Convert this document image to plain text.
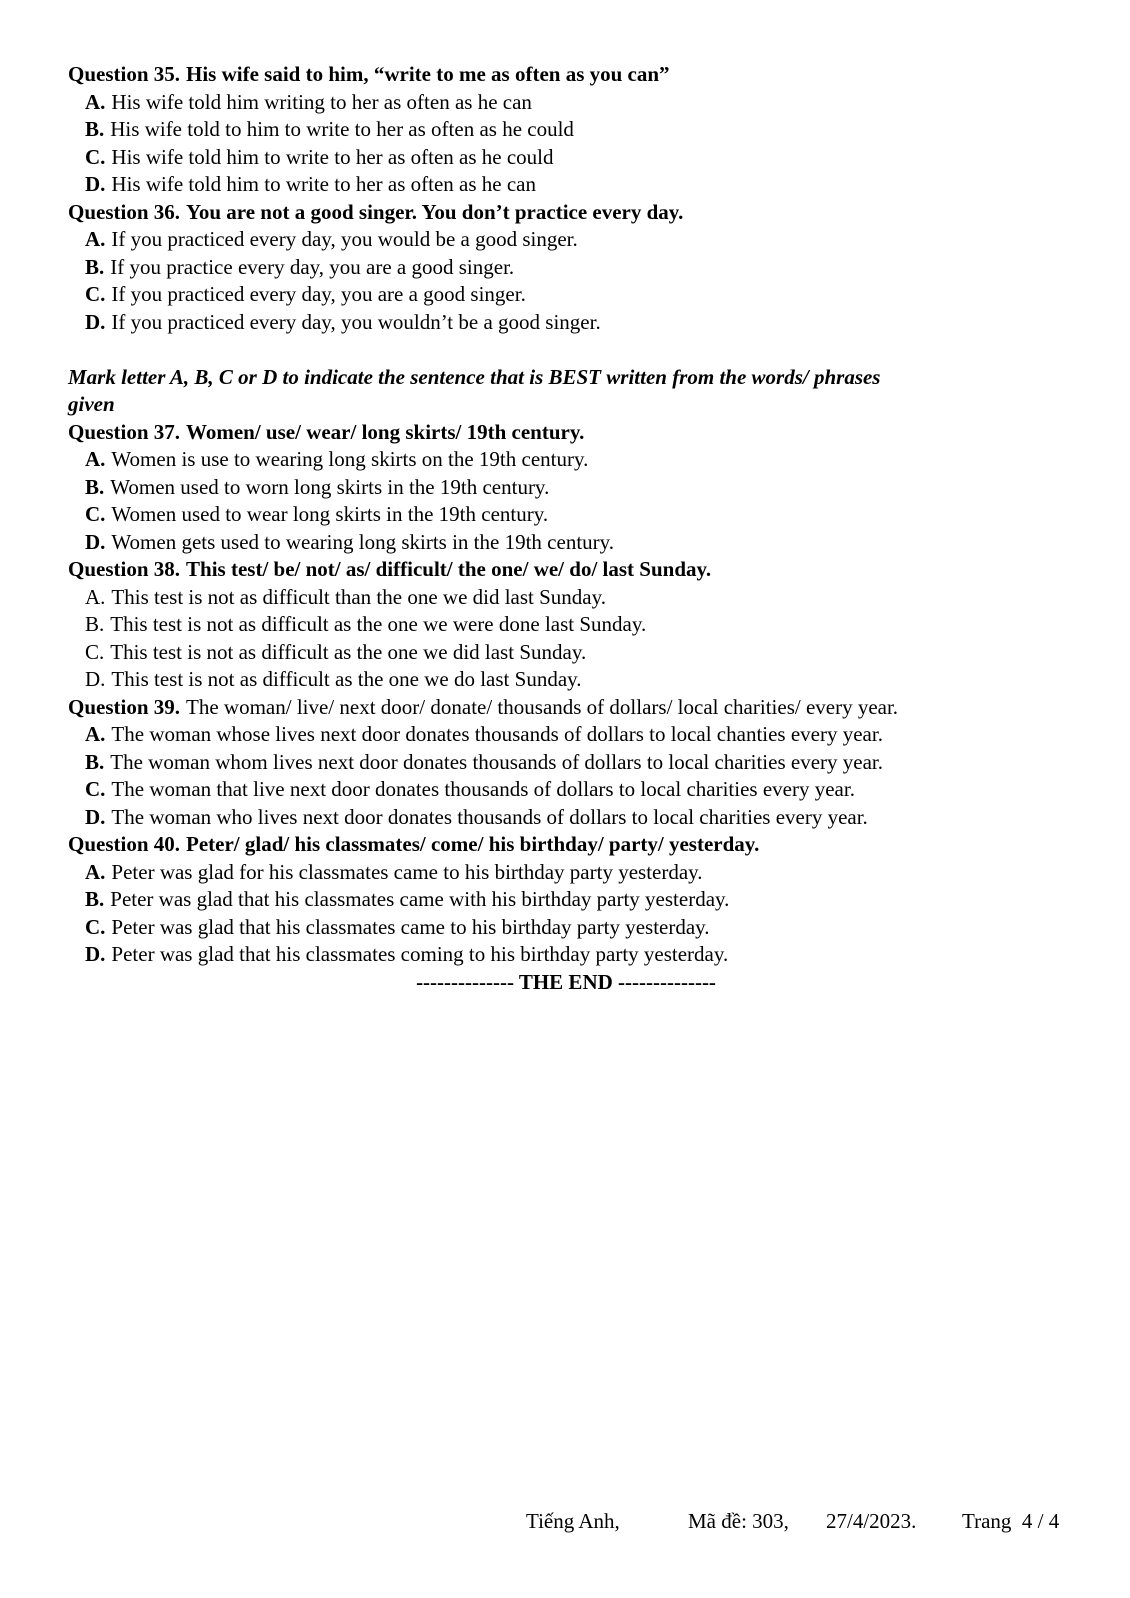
Question 35. His wife said to him, “write to me as often as you can”
A. His wife told him writing to her as often as he can
B. His wife told to him to write to her as often as he could
C. His wife told him to write to her as often as he could
D. His wife told him to write to her as often as he can
Question 36. You are not a good singer. You don’t practice every day.
A. If you practiced every day, you would be a good singer.
B. If you practice every day, you are a good singer.
C. If you practiced every day, you are a good singer.
D. If you practiced every day, you wouldn’t be a good singer.
Mark letter A, B, C or D to indicate the sentence that is BEST written from the words/ phrases
given
Question 37. Women/ use/ wear/ long skirts/ 19th century.
A. Women is use to wearing long skirts on the 19th century.
B. Women used to worn long skirts in the 19th century.
C. Women used to wear long skirts in the 19th century.
D. Women gets used to wearing long skirts in the 19th century.
Question 38. This test/ be/ not/ as/ difficult/ the one/ we/ do/ last Sunday.
A. This test is not as difficult than the one we did last Sunday.
B. This test is not as difficult as the one we were done last Sunday.
C. This test is not as difficult as the one we did last Sunday.
D. This test is not as difficult as the one we do last Sunday.
Question 39. The woman/ live/ next door/ donate/ thousands of dollars/ local charities/ every year.
A. The woman whose lives next door donates thousands of dollars to local chanties every year.
B. The woman whom lives next door donates thousands of dollars to local charities every year.
C. The woman that live next door donates thousands of dollars to local charities every year.
D. The woman who lives next door donates thousands of dollars to local charities every year.
Question 40. Peter/ glad/ his classmates/ come/ his birthday/ party/ yesterday.
A. Peter was glad for his classmates came to his birthday party yesterday.
B. Peter was glad that his classmates came with his birthday party yesterday.
C. Peter was glad that his classmates came to his birthday party yesterday.
D. Peter was glad that his classmates coming to his birthday party yesterday.
-------------- THE END --------------
Tiếng Anh,	Mã đề: 303, 27/4/2023. Trang  4 / 4
